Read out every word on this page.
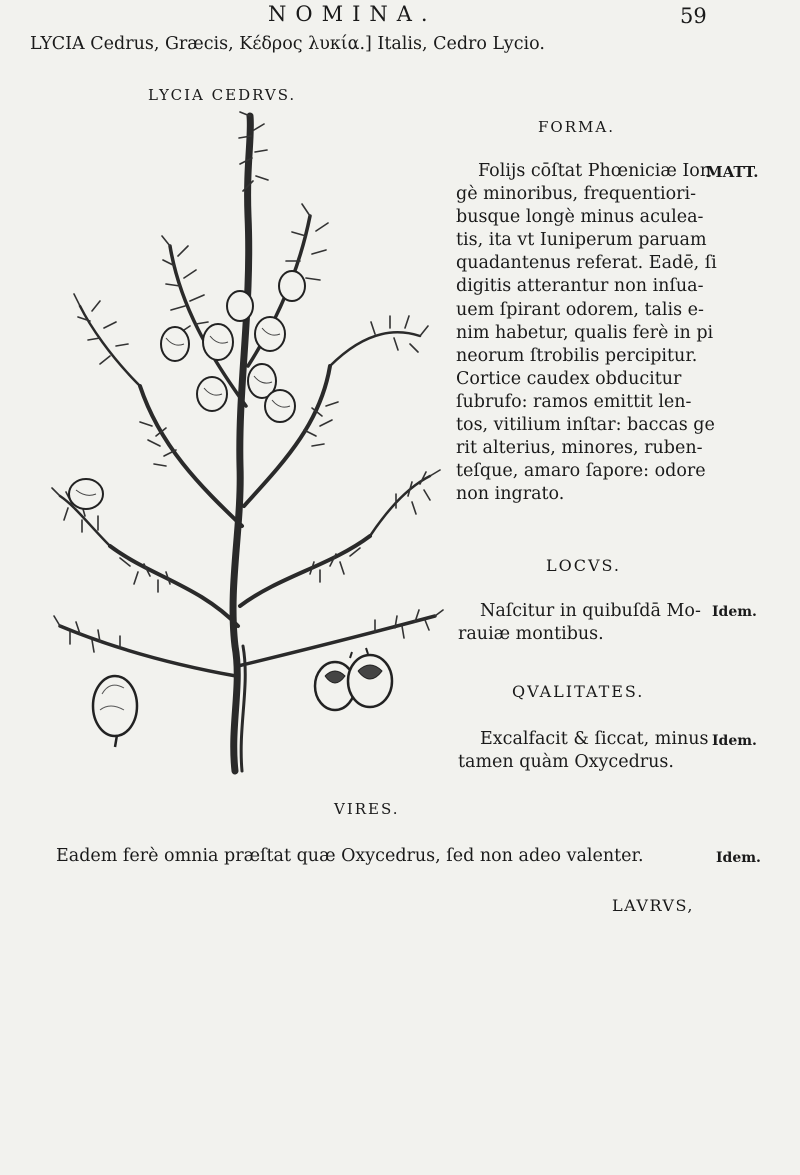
NOMINA.	59
LYCIA Cedrus, Græcis, Κέδρος λυκία.] Italis, Cedro Lycio.
LYCIA CEDRVS.
FORMA.
MATT.
Folijs cōſtat Phœniciæ Ion
gè minoribus, frequentiori-
busque longè minus aculea-
tis, ita vt Iuniperum paruam
quadantenus referat. Eadē, ſi
digitis atterantur non inſua-
uem ſpirant odorem, talis e-
nim habetur, qualis ferè in pi
neorum ſtrobilis percipitur.
Cortice caudex obducitur
ſubrufo: ramos emittit len-
tos, vitilium inſtar: baccas ge
rit alterius, minores, ruben-
teſque, amaro ſapore: odore
non ingrato.
LOCVS.
Idem.
Naſcitur in quibuſdā Mo-
rauiæ montibus.
QVALITATES.
Idem.
Excalfacit & ſiccat, minus
tamen quàm Oxycedrus.
VIRES.
Eadem ferè omnia præſtat quæ Oxycedrus, ſed non adeo valenter.	Idem.
LAVRVS,
